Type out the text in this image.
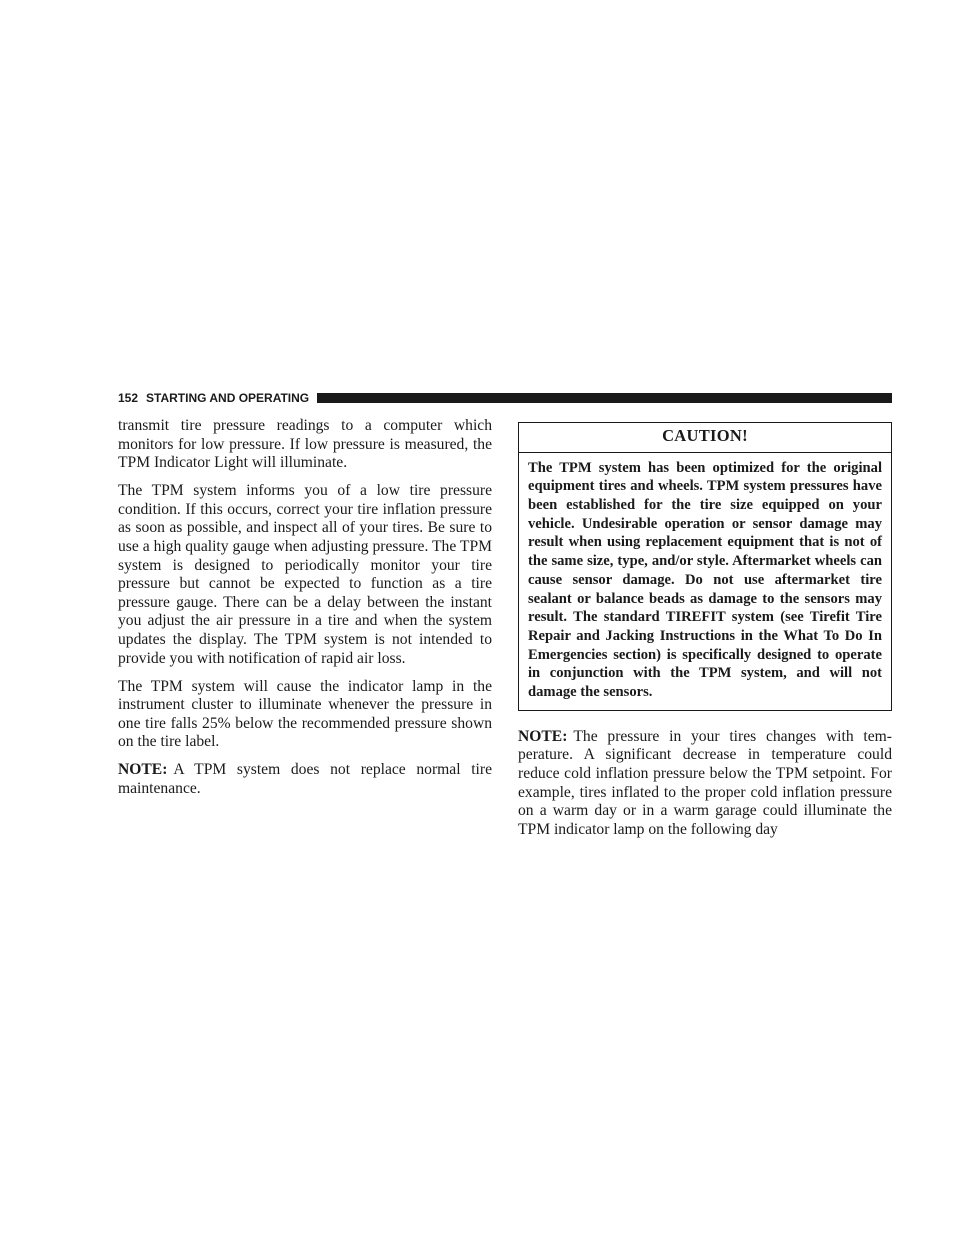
152 STARTING AND OPERATING

transmit tire pressure readings to a computer which monitors for low pressure. If low pressure is measured, the TPM Indicator Light will illuminate.

The TPM system informs you of a low tire pressure condition. If this occurs, correct your tire inflation pressure as soon as possible, and inspect all of your tires. Be sure to use a high quality gauge when adjusting pressure. The TPM system is designed to periodically monitor your tire pressure but cannot be expected to function as a tire pressure gauge. There can be a delay between the instant you adjust the air pressure in a tire and when the system updates the display. The TPM system is not intended to provide you with notification of rapid air loss.

The TPM system will cause the indicator lamp in the instrument cluster to illuminate whenever the pressure in one tire falls 25% below the recommended pressure shown on the tire label.

NOTE: A TPM system does not replace normal tire maintenance.

CAUTION!
The TPM system has been optimized for the original equipment tires and wheels. TPM system pressures have been established for the tire size equipped on your vehicle. Undesirable operation or sensor damage may result when using replacement equipment that is not of the same size, type, and/or style. Aftermarket wheels can cause sensor damage. Do not use aftermarket tire sealant or balance beads as damage to the sensors may result. The standard TIREFIT system (see Tirefit Tire Repair and Jacking Instructions in the What To Do In Emergencies section) is specifically designed to operate in conjunction with the TPM system, and will not damage the sensors.

NOTE: The pressure in your tires changes with temperature. A significant decrease in temperature could reduce cold inflation pressure below the TPM setpoint. For example, tires inflated to the proper cold inflation pressure on a warm day or in a warm garage could illuminate the TPM indicator lamp on the following day
